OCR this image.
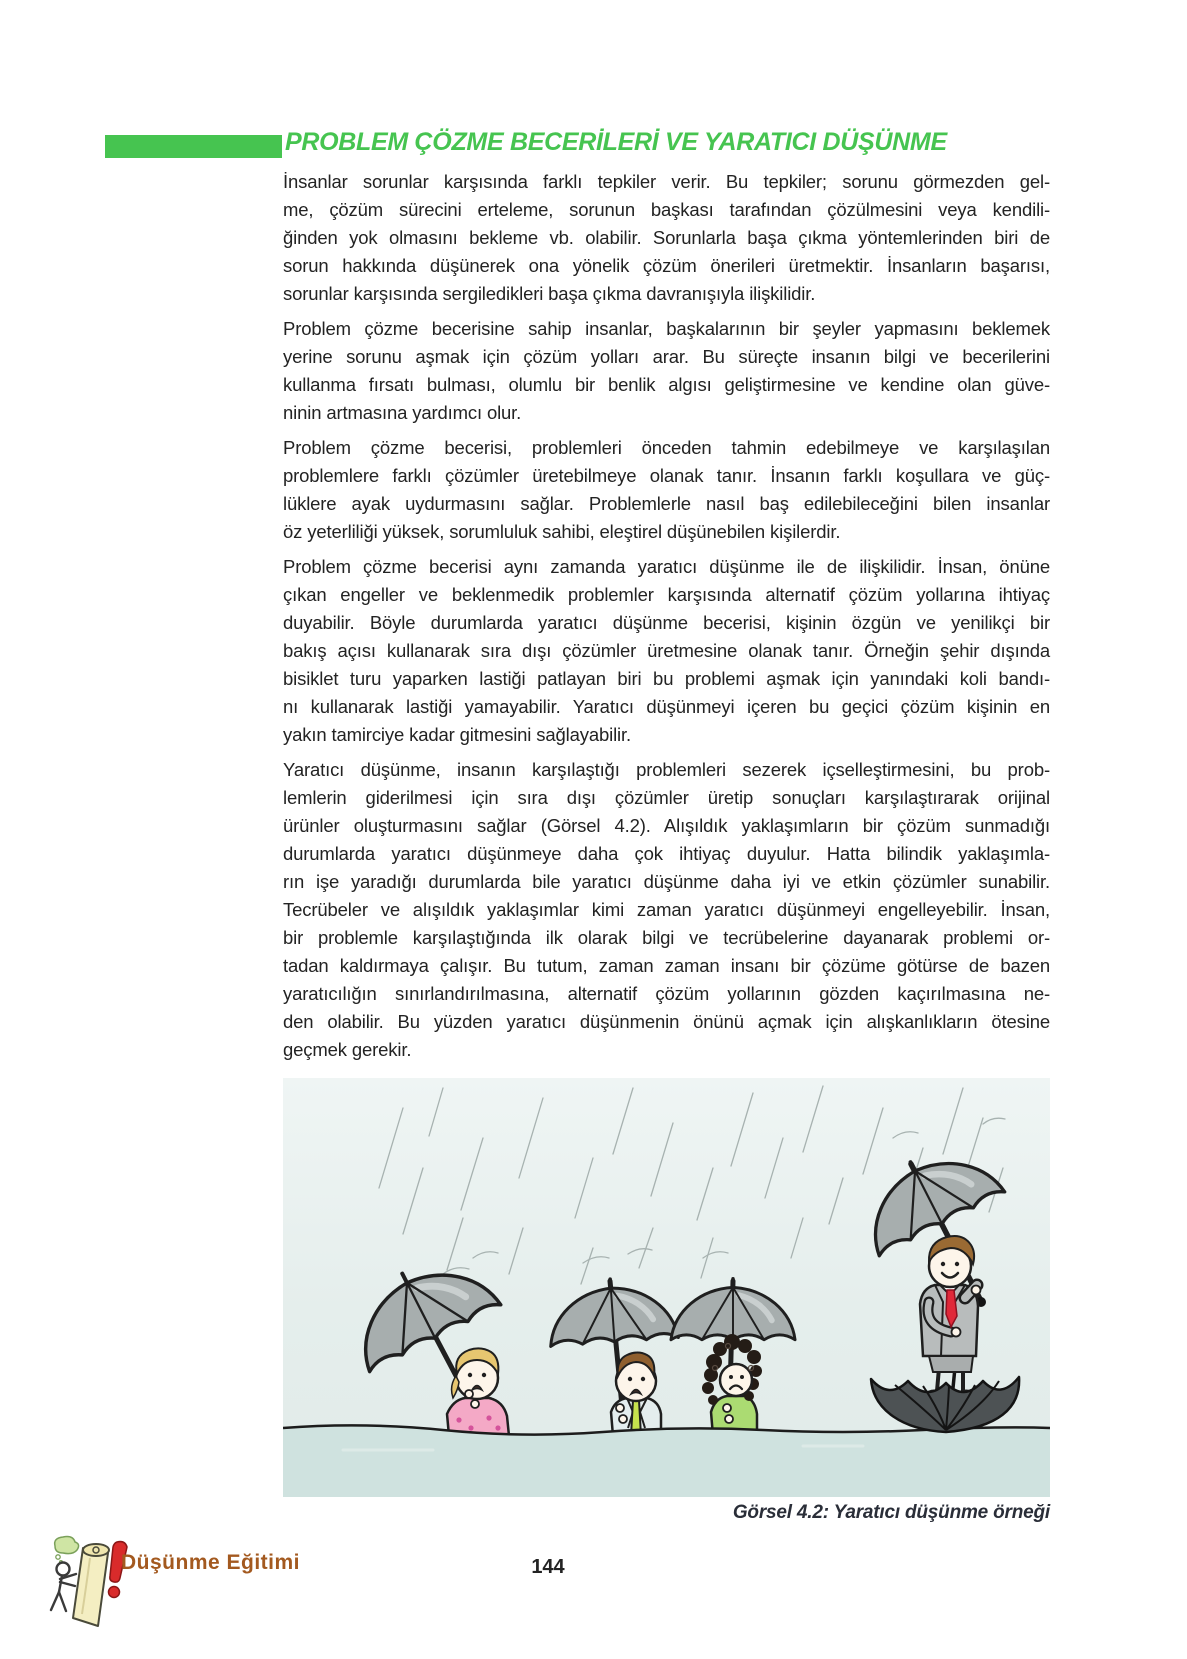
PROBLEM ÇÖZME BECERİLERİ VE YARATICI DÜŞÜNME
İnsanlar sorunlar karşısında farklı tepkiler verir. Bu tepkiler; sorunu görmezden gel-
me, çözüm sürecini erteleme, sorunun başkası tarafından çözülmesini veya kendili-
ğinden yok olmasını bekleme vb. olabilir. Sorunlarla başa çıkma yöntemlerinden biri de
sorun hakkında düşünerek ona yönelik çözüm önerileri üretmektir. İnsanların başarısı,
sorunlar karşısında sergiledikleri başa çıkma davranışıyla ilişkilidir.
Problem çözme becerisine sahip insanlar, başkalarının bir şeyler yapmasını beklemek
yerine sorunu aşmak için çözüm yolları arar. Bu süreçte insanın bilgi ve becerilerini
kullanma fırsatı bulması, olumlu bir benlik algısı geliştirmesine ve kendine olan güve-
ninin artmasına yardımcı olur.
Problem çözme becerisi, problemleri önceden tahmin edebilmeye ve karşılaşılan
problemlere farklı çözümler üretebilmeye olanak tanır. İnsanın farklı koşullara ve güç-
lüklere ayak uydurmasını sağlar. Problemlerle nasıl baş edilebileceğini bilen insanlar
öz yeterliliği yüksek, sorumluluk sahibi, eleştirel düşünebilen kişilerdir.
Problem çözme becerisi aynı zamanda yaratıcı düşünme ile de ilişkilidir. İnsan, önüne
çıkan engeller ve beklenmedik problemler karşısında alternatif çözüm yollarına ihtiyaç
duyabilir. Böyle durumlarda yaratıcı düşünme becerisi, kişinin özgün ve yenilikçi bir
bakış açısı kullanarak sıra dışı çözümler üretmesine olanak tanır. Örneğin şehir dışında
bisiklet turu yaparken lastiği patlayan biri bu problemi aşmak için yanındaki koli bandı-
nı kullanarak lastiği yamayabilir. Yaratıcı düşünmeyi içeren bu geçici çözüm kişinin en
yakın tamirciye kadar gitmesini sağlayabilir.
Yaratıcı düşünme, insanın karşılaştığı problemleri sezerek içselleştirmesini, bu prob-
lemlerin giderilmesi için sıra dışı çözümler üretip sonuçları karşılaştırarak orijinal
ürünler oluşturmasını sağlar (Görsel 4.2). Alışıldık yaklaşımların bir çözüm sunmadığı
durumlarda yaratıcı düşünmeye daha çok ihtiyaç duyulur. Hatta bilindik yaklaşımla-
rın işe yaradığı durumlarda bile yaratıcı düşünme daha iyi ve etkin çözümler sunabilir.
Tecrübeler ve alışıldık yaklaşımlar kimi zaman yaratıcı düşünmeyi engelleyebilir. İnsan,
bir problemle karşılaştığında ilk olarak bilgi ve tecrübelerine dayanarak problemi or-
tadan kaldırmaya çalışır. Bu tutum, zaman zaman insanı bir çözüme götürse de bazen
yaratıcılığın sınırlandırılmasına, alternatif çözüm yollarının gözden kaçırılmasına ne-
den olabilir. Bu yüzden yaratıcı düşünmenin önünü açmak için alışkanlıkların ötesine
geçmek gerekir.
Görsel 4.2: Yaratıcı düşünme örneği
Düşünme Eğitimi	144
